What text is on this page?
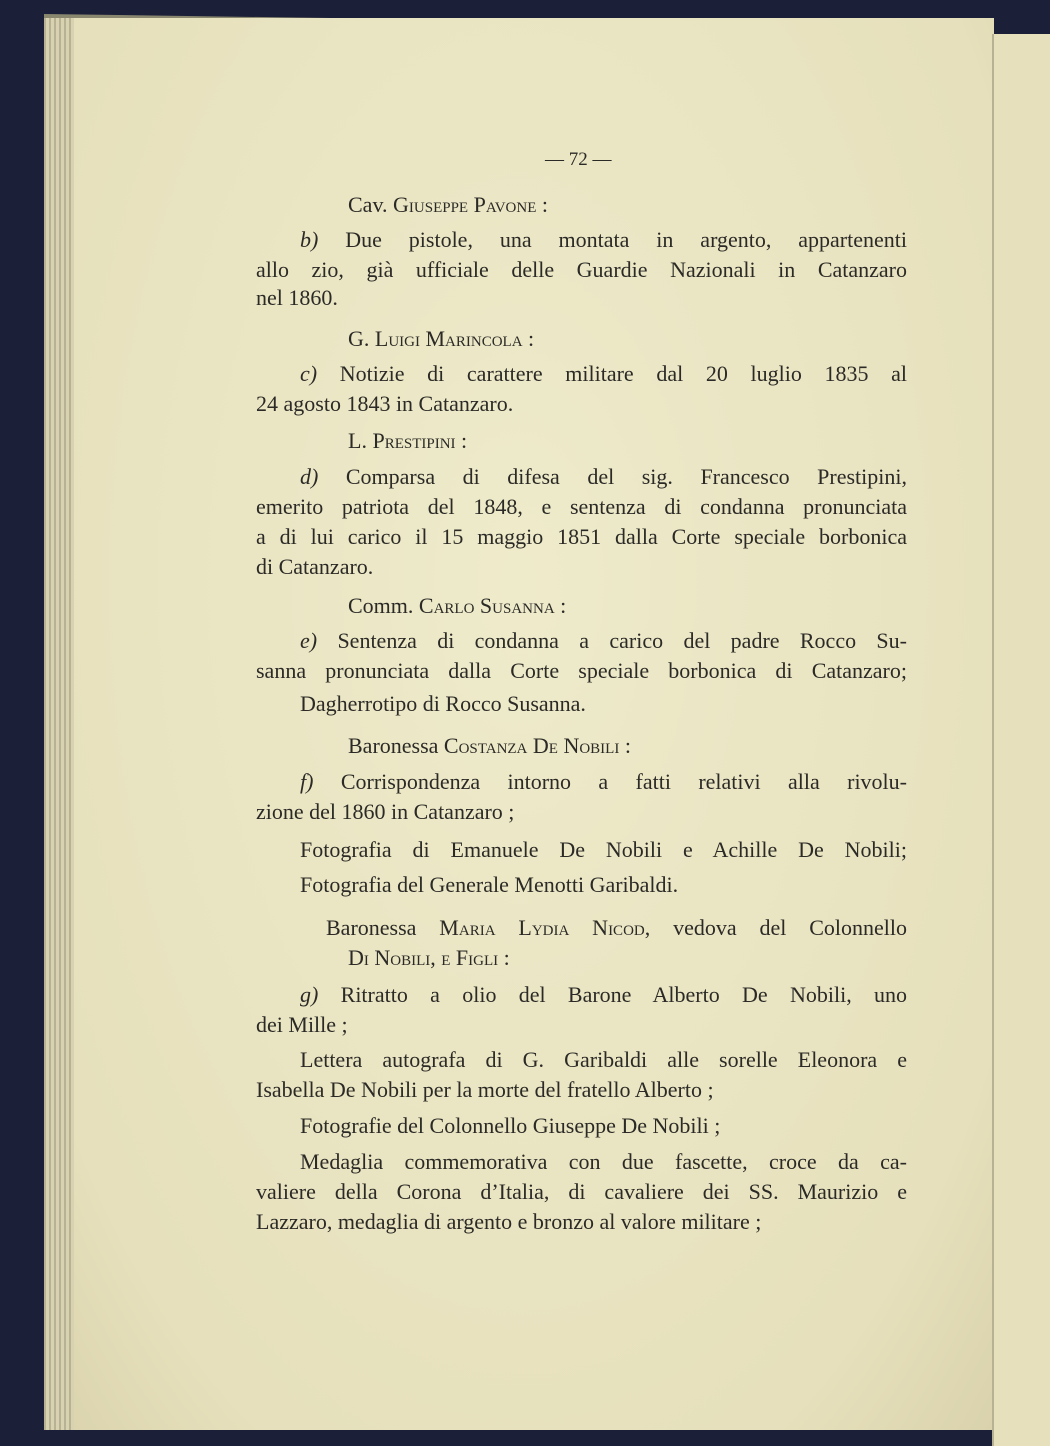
— 72 —
Cav. Giuseppe Pavone :
b) Due pistole, una montata in argento, appartenenti
allo zio, già ufficiale delle Guardie Nazionali in Catanzaro
nel 1860.
G. Luigi Marincola :
c) Notizie di carattere militare dal 20 luglio 1835 al
24 agosto 1843 in Catanzaro.
L. Prestipini :
d) Comparsa di difesa del sig. Francesco Prestipini,
emerito patriota del 1848, e sentenza di condanna pronunciata
a di lui carico il 15 maggio 1851 dalla Corte speciale borbonica
di Catanzaro.
Comm. Carlo Susanna :
e) Sentenza di condanna a carico del padre Rocco Su-
sanna pronunciata dalla Corte speciale borbonica di Catanzaro;
Dagherrotipo di Rocco Susanna.
Baronessa Costanza De Nobili :
f) Corrispondenza intorno a fatti relativi alla rivolu-
zione del 1860 in Catanzaro ;
Fotografia di Emanuele De Nobili e Achille De Nobili;
Fotografia del Generale Menotti Garibaldi.
Baronessa Maria Lydia Nicod, vedova del Colonnello
Di Nobili, e Figli :
g) Ritratto a olio del Barone Alberto De Nobili, uno
dei Mille ;
Lettera autografa di G. Garibaldi alle sorelle Eleonora e
Isabella De Nobili per la morte del fratello Alberto ;
Fotografie del Colonnello Giuseppe De Nobili ;
Medaglia commemorativa con due fascette, croce da ca-
valiere della Corona d’Italia, di cavaliere dei SS. Maurizio e
Lazzaro, medaglia di argento e bronzo al valore militare ;
